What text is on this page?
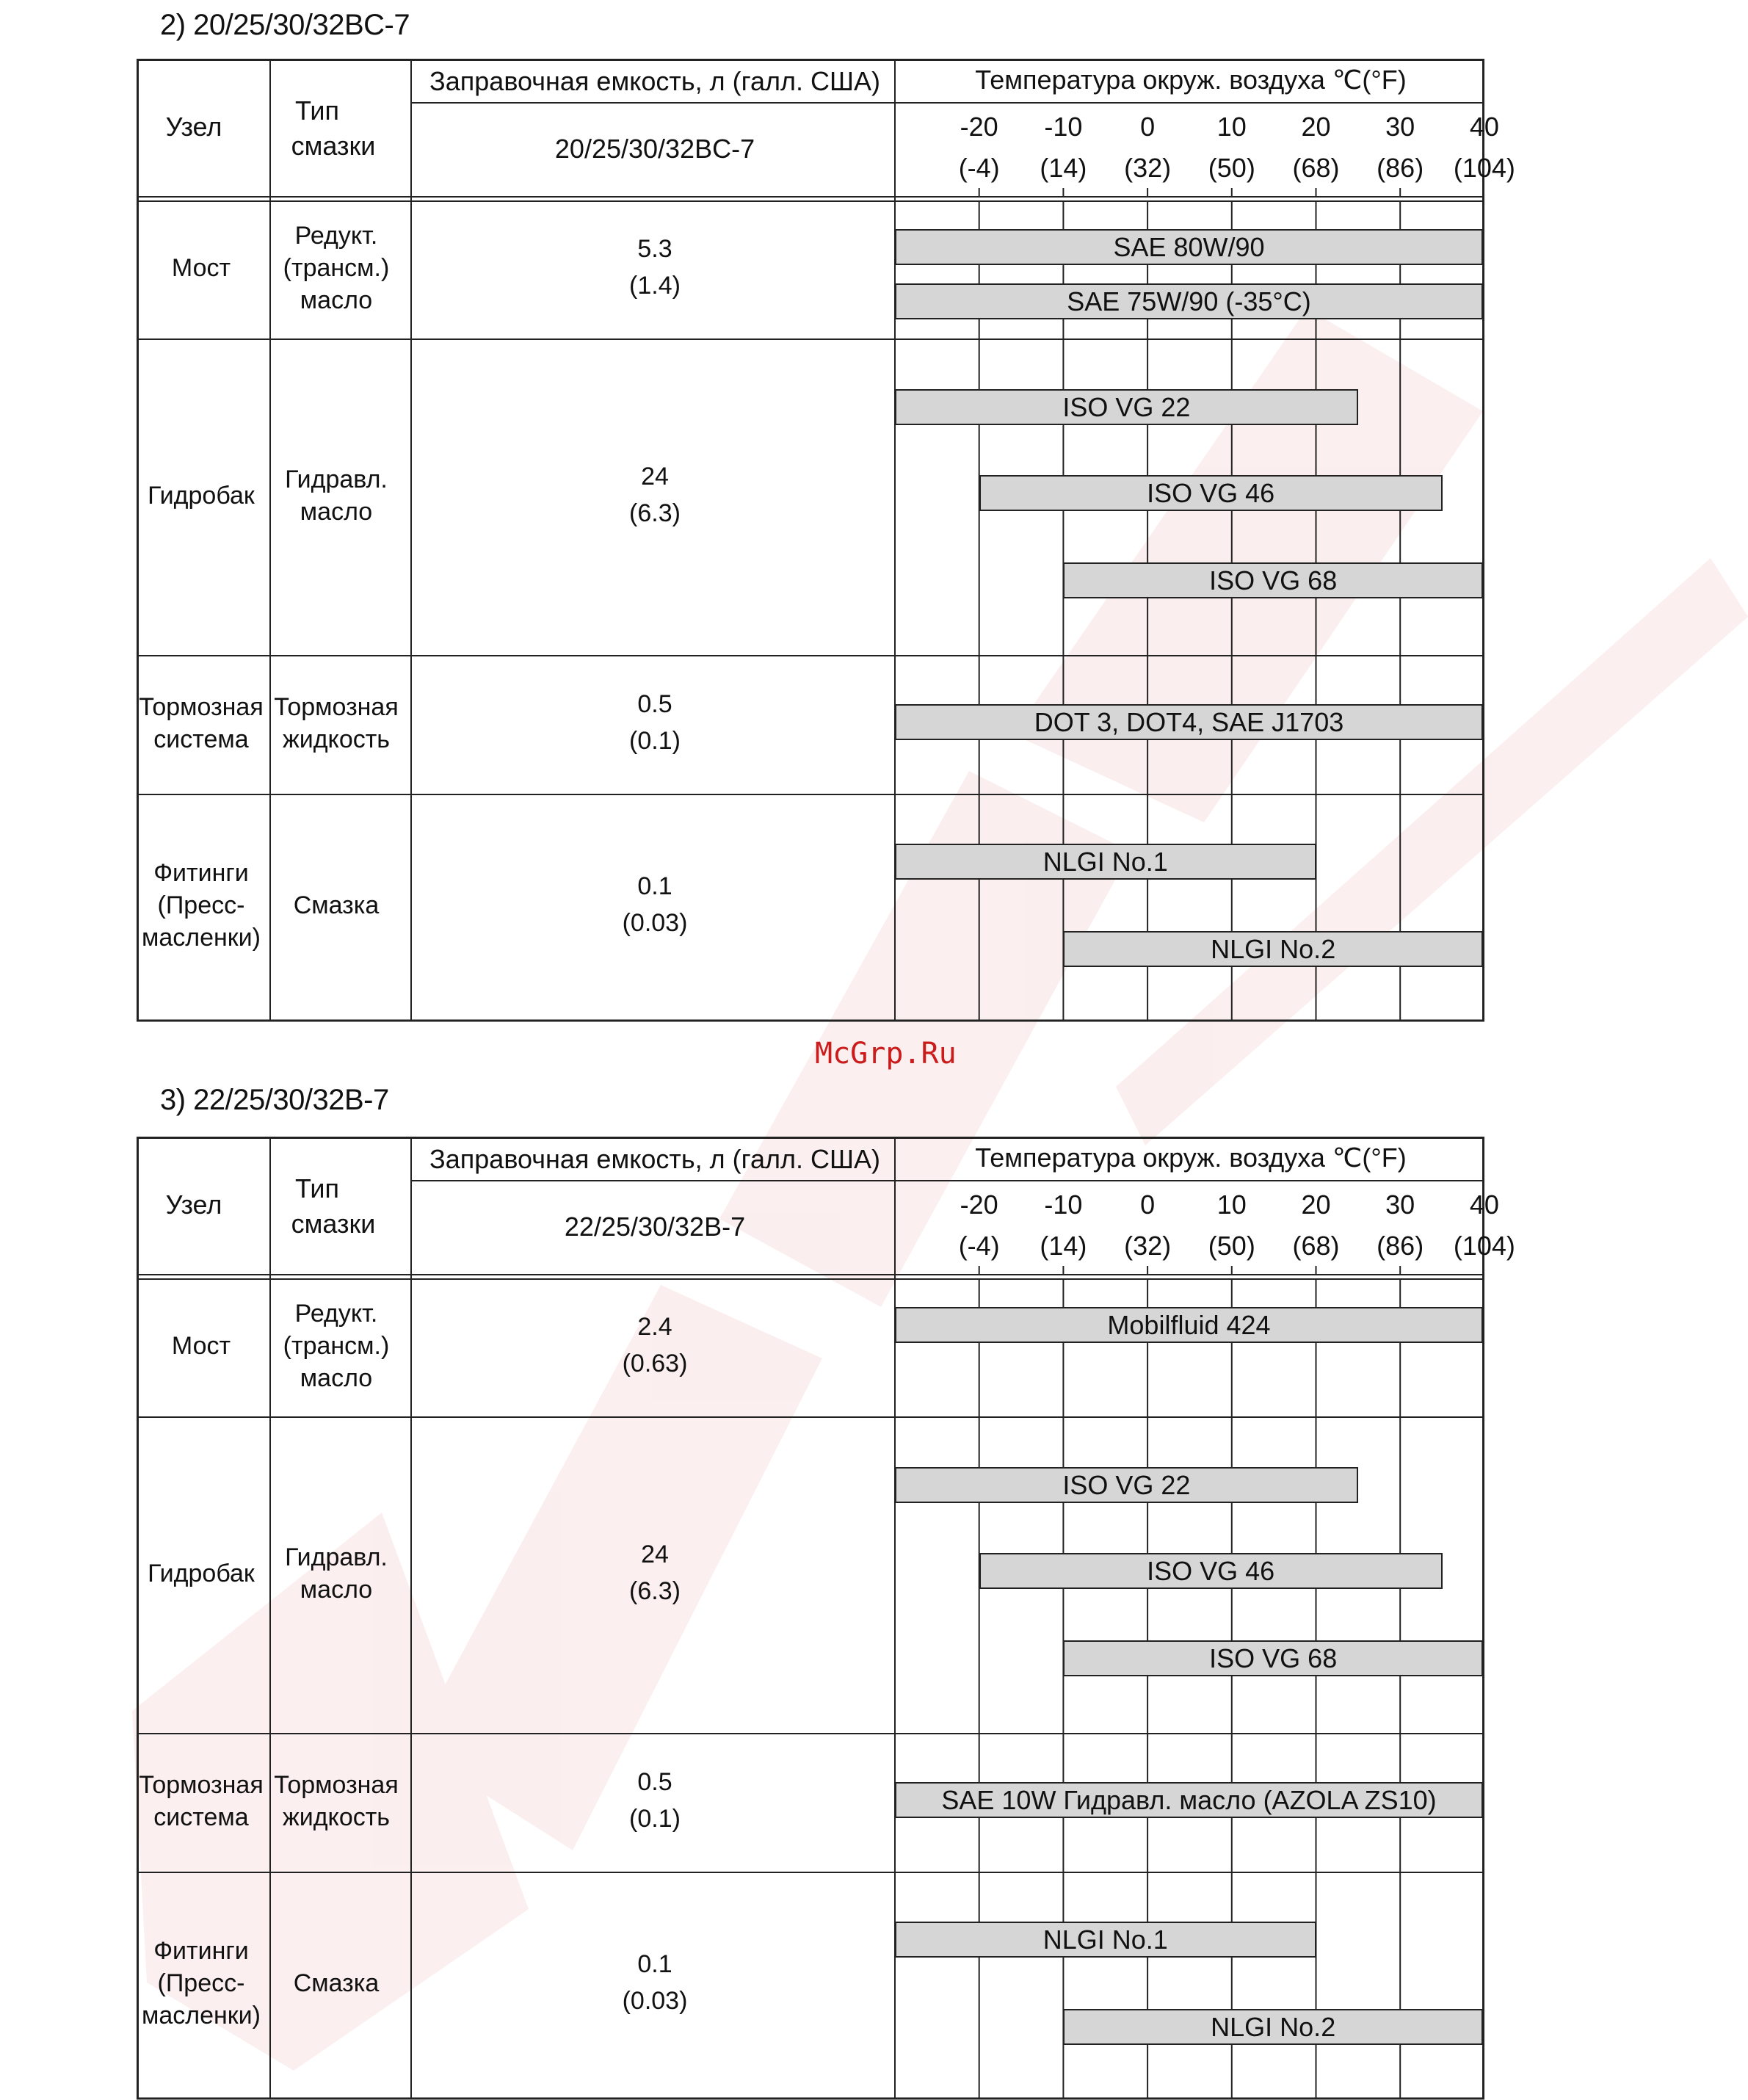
2) 20/25/30/32BC-7
Узел
Тип
смазки
Заправочная емкость, л (галл. США)
20/25/30/32BC-7
Температура окруж. воздуха ℃(°F)
-20
(-4)
-10
(14)
0
(32)
10
(50)
20
(68)
30
(86)
40
(104)
Мост
Редукт.
(трансм.)
масло
5.3
(1.4)
SAE 80W/90
SAE 75W/90 (-35°C)
Гидробак
Гидравл.
масло
24
(6.3)
ISO VG 22
ISO VG 46
ISO VG 68
Тормозная
система
Тормозная
жидкость
0.5
(0.1)
DOT 3, DOT4, SAE J1703
Фитинги
(Пресс-
масленки)
Смазка
0.1
(0.03)
NLGI No.1
NLGI No.2
McGrp.Ru
3) 22/25/30/32B-7
Узел
Тип
смазки
Заправочная емкость, л (галл. США)
22/25/30/32B-7
Температура окруж. воздуха ℃(°F)
-20
(-4)
-10
(14)
0
(32)
10
(50)
20
(68)
30
(86)
40
(104)
Мост
Редукт.
(трансм.)
масло
2.4
(0.63)
Mobilfluid 424
Гидробак
Гидравл.
масло
24
(6.3)
ISO VG 22
ISO VG 46
ISO VG 68
Тормозная
система
Тормозная
жидкость
0.5
(0.1)
SAE 10W Гидравл. масло (AZOLA ZS10)
Фитинги
(Пресс-
масленки)
Смазка
0.1
(0.03)
NLGI No.1
NLGI No.2
